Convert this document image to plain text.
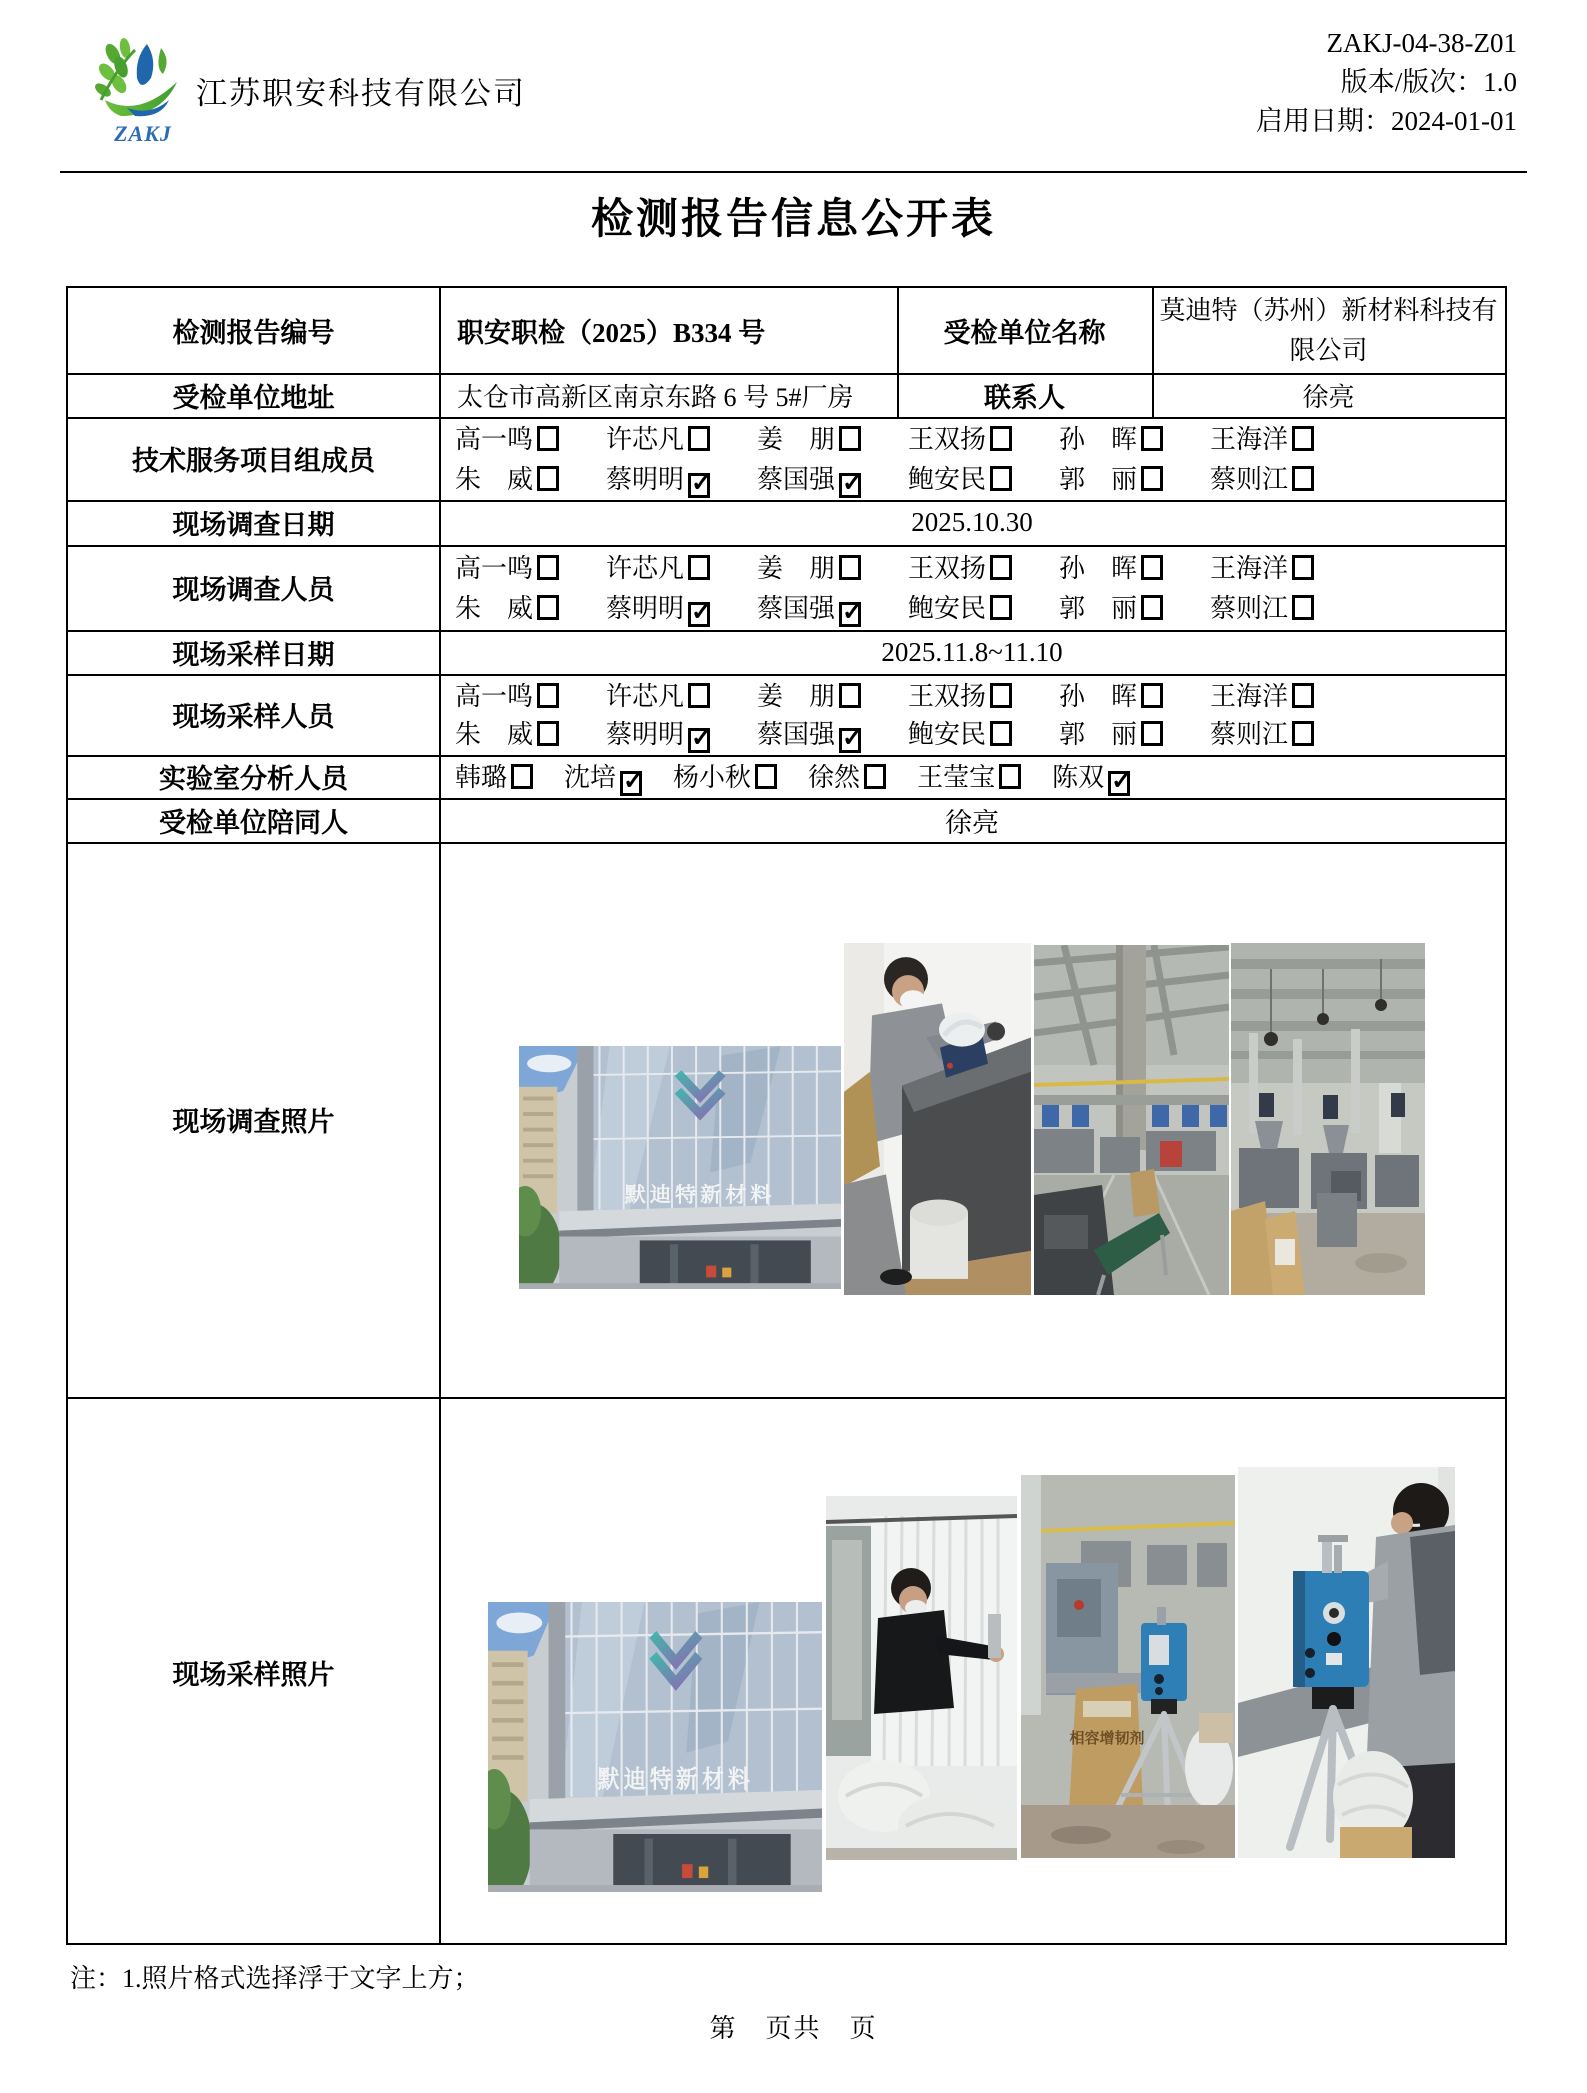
ZAKJ
江苏职安科技有限公司
ZAKJ-04-38-Z01
版本/版次：1.0
启用日期：2024-01-01
检测报告信息公开表
检测报告编号	职安职检（2025）B334 号	受检单位名称
莫迪特（苏州）新材料科技有限公司
受检单位地址	太仓市高新区南京东路 6 号 5#厂房	联系人	徐亮
技术服务项目组成员
高一鸣	许芯凡	姜　朋	王双扬	孙　晖	王海洋
朱　威	蔡明明 ✓	蔡国强 ✓	鲍安民	郭　丽	蔡则江
现场调查日期	2025.10.30
现场调查人员
高一鸣	许芯凡	姜　朋	王双扬	孙　晖	王海洋
朱　威	蔡明明 ✓	蔡国强 ✓	鲍安民	郭　丽	蔡则江
现场采样日期	2025.11.8~11.10
现场采样人员
高一鸣	许芯凡	姜　朋	王双扬	孙　晖	王海洋
朱　威	蔡明明 ✓	蔡国强 ✓	鲍安民	郭　丽	蔡则江
实验室分析人员	韩璐	沈培 ✓ 杨小秋	徐然	王莹宝	陈双 ✓
受检单位陪同人	徐亮
现场调查照片
现场采样照片
默迪特新材料
默迪特新材料
相容增韧剂
注：1.照片格式选择浮于文字上方；
第　页共　页
